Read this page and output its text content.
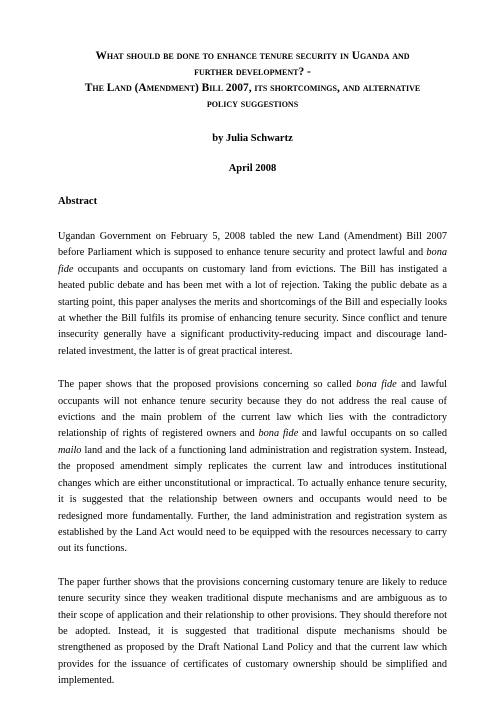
What should be done to enhance tenure security in Uganda and
further development? -
The Land (Amendment) Bill 2007, its shortcomings, and alternative
policy suggestions
by Julia Schwartz
April 2008
Abstract

Ugandan Government on February 5, 2008 tabled the new Land (Amendment) Bill 2007 before Parliament which is supposed to enhance tenure security and protect lawful and bona fide occupants and occupants on customary land from evictions. The Bill has instigated a heated public debate and has been met with a lot of rejection. Taking the public debate as a starting point, this paper analyses the merits and shortcomings of the Bill and especially looks at whether the Bill fulfils its promise of enhancing tenure security. Since conflict and tenure insecurity generally have a significant productivity-reducing impact and discourage land-related investment, the latter is of great practical interest.

The paper shows that the proposed provisions concerning so called bona fide and lawful occupants will not enhance tenure security because they do not address the real cause of evictions and the main problem of the current law which lies with the contradictory relationship of rights of registered owners and bona fide and lawful occupants on so called mailo land and the lack of a functioning land administration and registration system. Instead, the proposed amendment simply replicates the current law and introduces institutional changes which are either unconstitutional or impractical. To actually enhance tenure security, it is suggested that the relationship between owners and occupants would need to be redesigned more fundamentally. Further, the land administration and registration system as established by the Land Act would need to be equipped with the resources necessary to carry out its functions.

The paper further shows that the provisions concerning customary tenure are likely to reduce tenure security since they weaken traditional dispute mechanisms and are ambiguous as to their scope of application and their relationship to other provisions. They should therefore not be adopted. Instead, it is suggested that traditional dispute mechanisms should be strengthened as proposed by the Draft National Land Policy and that the current law which provides for the issuance of certificates of customary ownership should be simplified and implemented.
